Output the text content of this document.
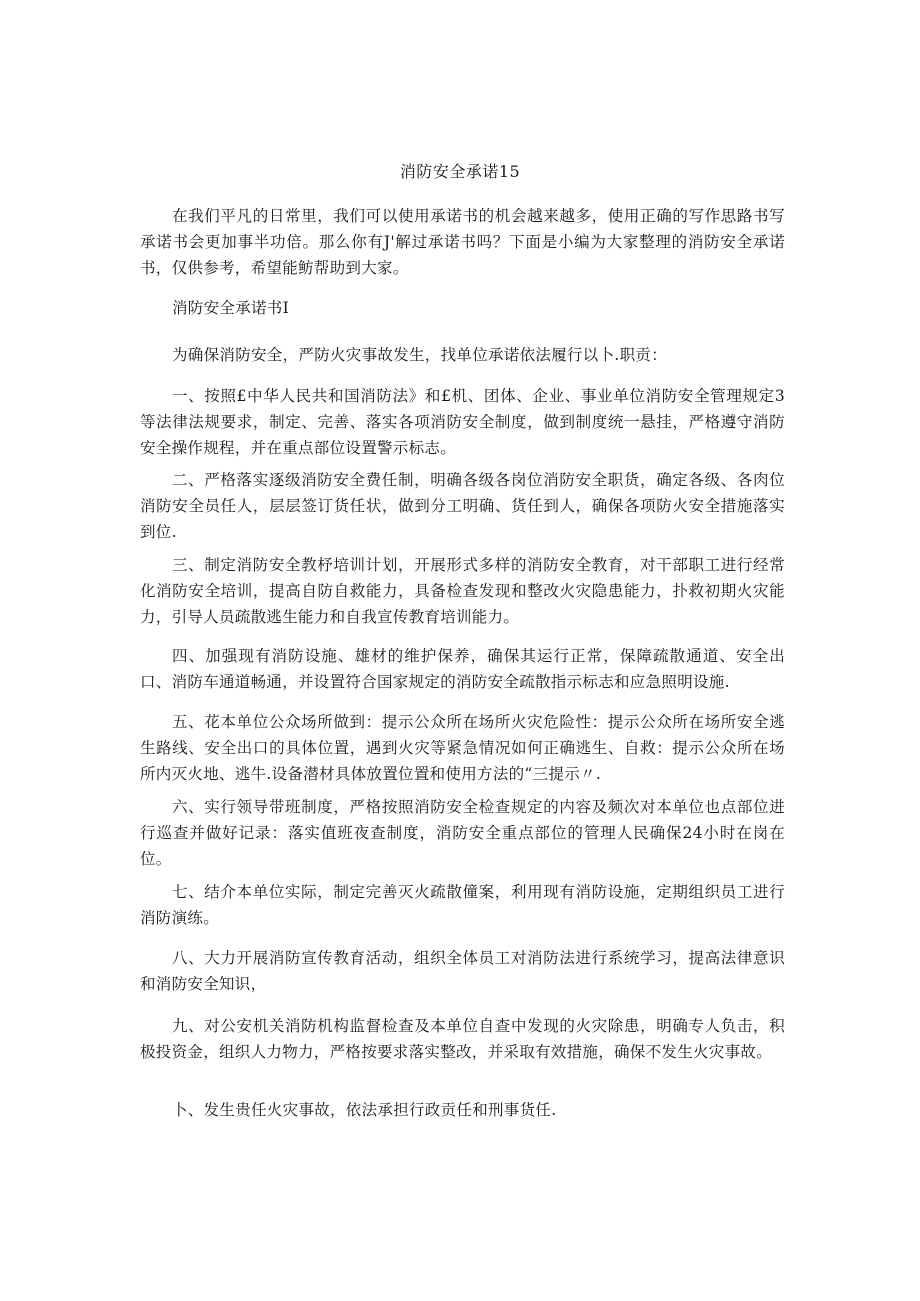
消防安全承诺15

在我们平凡的日常里，我们可以使用承诺书的机会越来越多，使用正确的写作思路书写承诺书会更加事半功倍。那么你有J'解过承诺书吗？下面是小编为大家整理的消防安全承诺书，仅供参考，希望能鲂帮助到大家。

消防安全承诺书I

为确保消防安全，严防火灾事故发生，找单位承诺依法履行以卜.职贡：

一、按照£中华人民共和国消防法》和£机、团体、企业、事业单位消防安全管理规定3等法律法规要求，制定、完善、落实各项消防安全制度，做到制度统一悬挂，严格遵守消防安全操作规程，并在重点部位设置警示标志。

二、严格落实逐级消防安全费任制，明确各级各岗位消防安全职货，确定各级、各肉位消防安全员任人，层层签订货任状，做到分工明确、货任到人，确保各项防火安全措施落实到位.

三、制定消防安全教杼培训计划，开展形式多样的消防安全教育，对干部职工进行经常化消防安全培训，提高自防自救能力，具备检查发现和整改火灾隐患能力，扑救初期火灾能力，引导人员疏散逃生能力和自我宣传教育培训能力。

四、加强现有消防设施、雄材的维护保养，确保其运行正常，保障疏散通道、安全出口、消防车通道畅通，并设置符合国家规定的消防安全疏散指示标志和应急照明设施.

五、花本单位公众场所做到：提示公众所在场所火灾危险性：提示公众所在场所安全逃生路线、安全出口的具体位置，遇到火灾等紧急情况如何正确逃生、自救：提示公众所在场所内灭火地、逃牛.设备潜材具体放置位置和使用方法的“三提示〃.

六、实行领导带班制度，严格按照消防安全检查规定的内容及频次对本单位也点部位进行巡查并做好记录：落实值班夜查制度，消防安全重点部位的管理人民确保24小时在岗在位。

七、结介本单位实际，制定完善灭火疏散僮案，利用现有消防设施，定期组织员工进行消防演练。

八、大力开展消防宣传教育活动，组织全体员工对消防法进行系统学习，提高法律意识和消防安全知识，

九、对公安机关消防机构监督检查及本单位自查中发现的火灾除患，明确专人负击，积极投资金，组织人力物力，严格按要求落实整改，并采取有效措施，确保不发生火灾事故。

卜、发生贵任火灾事故，依法承担行政贡任和刑事货任.
